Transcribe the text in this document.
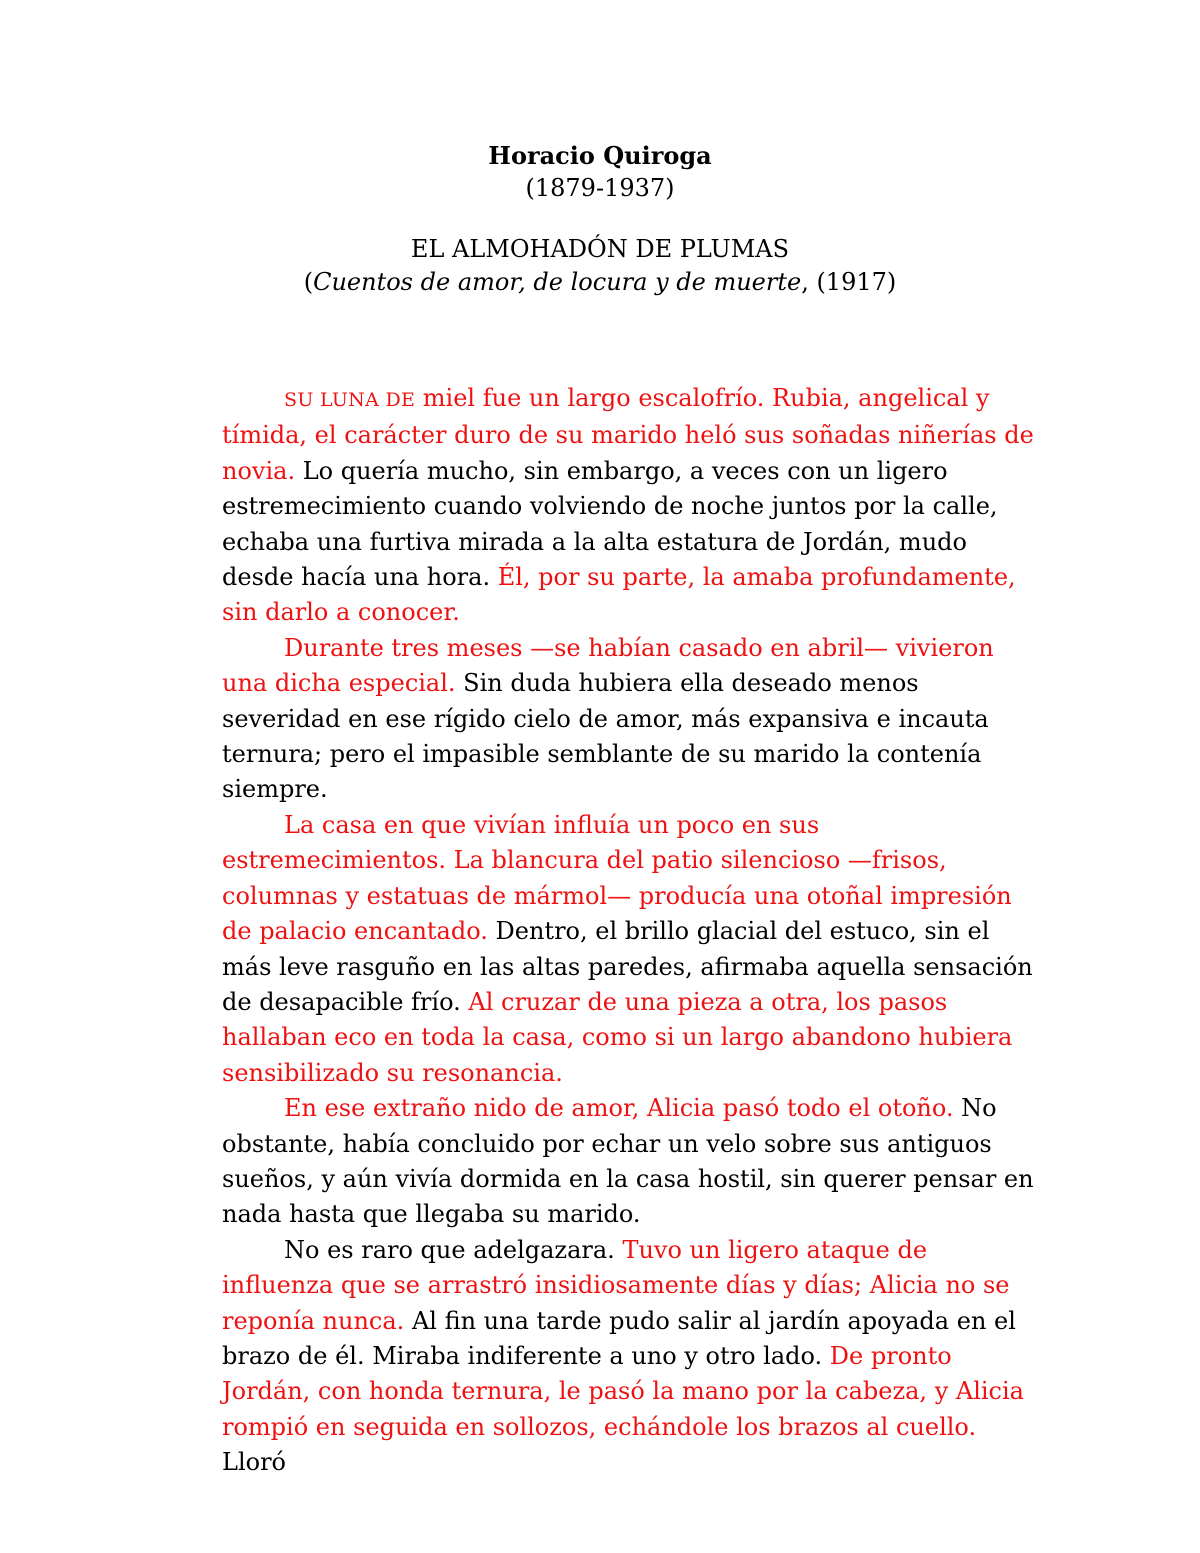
Horacio Quiroga
(1879-1937)
EL ALMOHADÓN DE PLUMAS
(Cuentos de amor, de locura y de muerte, (1917)

SU LUNA DE miel fue un largo escalofrío. Rubia, angelical y tímida, el carácter duro de su marido heló sus soñadas niñerías de novia. Lo quería mucho, sin embargo, a veces con un ligero estremecimiento cuando volviendo de noche juntos por la calle, echaba una furtiva mirada a la alta estatura de Jordán, mudo desde hacía una hora. Él, por su parte, la amaba profundamente, sin darlo a conocer.

Durante tres meses —se habían casado en abril— vivieron una dicha especial. Sin duda hubiera ella deseado menos severidad en ese rígido cielo de amor, más expansiva e incauta ternura; pero el impasible semblante de su marido la contenía siempre.

La casa en que vivían influía un poco en sus estremecimientos. La blancura del patio silencioso —frisos, columnas y estatuas de mármol— producía una otoñal impresión de palacio encantado. Dentro, el brillo glacial del estuco, sin el más leve rasguño en las altas paredes, afirmaba aquella sensación de desapacible frío. Al cruzar de una pieza a otra, los pasos hallaban eco en toda la casa, como si un largo abandono hubiera sensibilizado su resonancia.

En ese extraño nido de amor, Alicia pasó todo el otoño. No obstante, había concluido por echar un velo sobre sus antiguos sueños, y aún vivía dormida en la casa hostil, sin querer pensar en nada hasta que llegaba su marido.

No es raro que adelgazara. Tuvo un ligero ataque de influenza que se arrastró insidiosamente días y días; Alicia no se reponía nunca. Al fin una tarde pudo salir al jardín apoyada en el brazo de él. Miraba indiferente a uno y otro lado. De pronto Jordán, con honda ternura, le pasó la mano por la cabeza, y Alicia rompió en seguida en sollozos, echándole los brazos al cuello. Lloró
